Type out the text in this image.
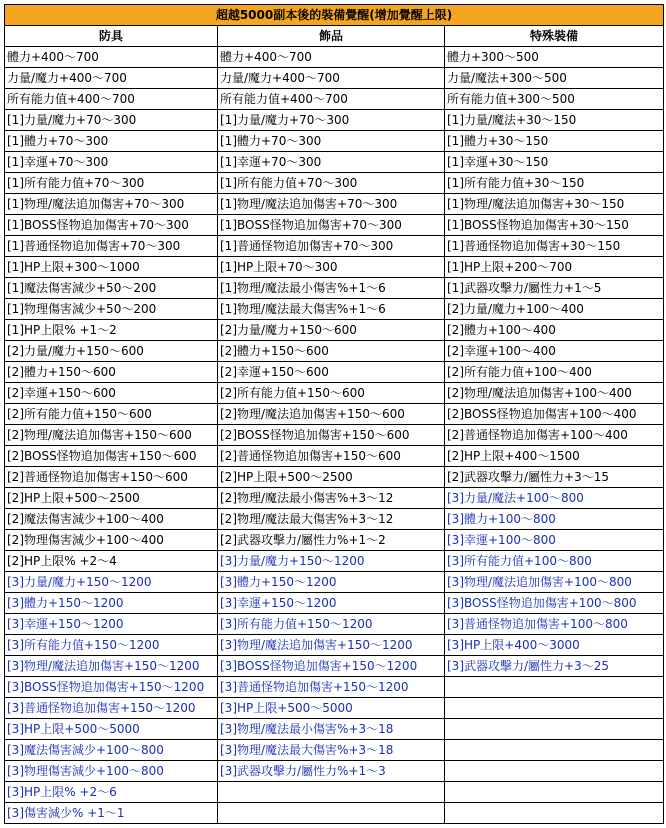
超越5000副本後的裝備覺醒(增加覺醒上限)		
防具	飾品	特殊裝備
體力+400～700	體力+400～700	體力+300～500
力量/魔力+400～700	力量/魔力+400～700	力量/魔法+300～500
所有能力值+400～700	所有能力值+400～700	所有能力值+300～500
[1]力量/魔力+70～300	[1]力量/魔力+70～300	[1]力量/魔法+30～150
[1]體力+70～300	[1]體力+70～300	[1]體力+30～150
[1]幸運+70～300	[1]幸運+70～300	[1]幸運+30～150
[1]所有能力值+70～300	[1]所有能力值+70～300	[1]所有能力值+30～150
[1]物理/魔法追加傷害+70～300	[1]物理/魔法追加傷害+70～300	[1]物理/魔法追加傷害+30～150
[1]BOSS怪物追加傷害+70～300	[1]BOSS怪物追加傷害+70～300	[1]BOSS怪物追加傷害+30～150
[1]普通怪物追加傷害+70～300	[1]普通怪物追加傷害+70～300	[1]普通怪物追加傷害+30～150
[1]HP上限+300～1000	[1]HP上限+70～300	[1]HP上限+200～700
[1]魔法傷害減少+50～200	[1]物理/魔法最小傷害%+1～6	[1]武器攻擊力/屬性力+1～5
[1]物理傷害減少+50～200	[1]物理/魔法最大傷害%+1～6	[2]力量/魔力+100～400
[1]HP上限% +1～2	[2]力量/魔力+150～600	[2]體力+100～400
[2]力量/魔力+150～600	[2]體力+150～600	[2]幸運+100～400
[2]體力+150～600	[2]幸運+150～600	[2]所有能力值+100～400
[2]幸運+150～600	[2]所有能力值+150～600	[2]物理/魔法追加傷害+100～400
[2]所有能力值+150～600	[2]物理/魔法追加傷害+150～600	[2]BOSS怪物追加傷害+100～400
[2]物理/魔法追加傷害+150～600	[2]BOSS怪物追加傷害+150～600	[2]普通怪物追加傷害+100～400
[2]BOSS怪物追加傷害+150～600	[2]普通怪物追加傷害+150～600	[2]HP上限+400～1500
[2]普通怪物追加傷害+150～600	[2]HP上限+500～2500	[2]武器攻擊力/屬性力+3～15
[2]HP上限+500～2500	[2]物理/魔法最小傷害%+3～12	[3]力量/魔法+100～800
[2]魔法傷害減少+100～400	[2]物理/魔法最大傷害%+3～12	[3]體力+100～800
[2]物理傷害減少+100～400	[2]武器攻擊力/屬性力%+1～2	[3]幸運+100～800
[2]HP上限% +2～4	[3]力量/魔力+150～1200	[3]所有能力值+100～800
[3]力量/魔力+150～1200	[3]體力+150～1200	[3]物理/魔法追加傷害+100～800
[3]體力+150～1200	[3]幸運+150～1200	[3]BOSS怪物追加傷害+100～800
[3]幸運+150～1200	[3]所有能力值+150～1200	[3]普通怪物追加傷害+100～800
[3]所有能力值+150～1200	[3]物理/魔法追加傷害+150～1200	[3]HP上限+400～3000
[3]物理/魔法追加傷害+150～1200	[3]BOSS怪物追加傷害+150～1200	[3]武器攻擊力/屬性力+3～25
[3]BOSS怪物追加傷害+150～1200	[3]普通怪物追加傷害+150～1200	
[3]普通怪物追加傷害+150～1200	[3]HP上限+500～5000	
[3]HP上限+500～5000	[3]物理/魔法最小傷害%+3～18	
[3]魔法傷害減少+100～800	[3]物理/魔法最大傷害%+3～18	
[3]物理傷害減少+100～800	[3]武器攻擊力/屬性力%+1～3	
[3]HP上限% +2～6		
[3]傷害減少% +1～1		
